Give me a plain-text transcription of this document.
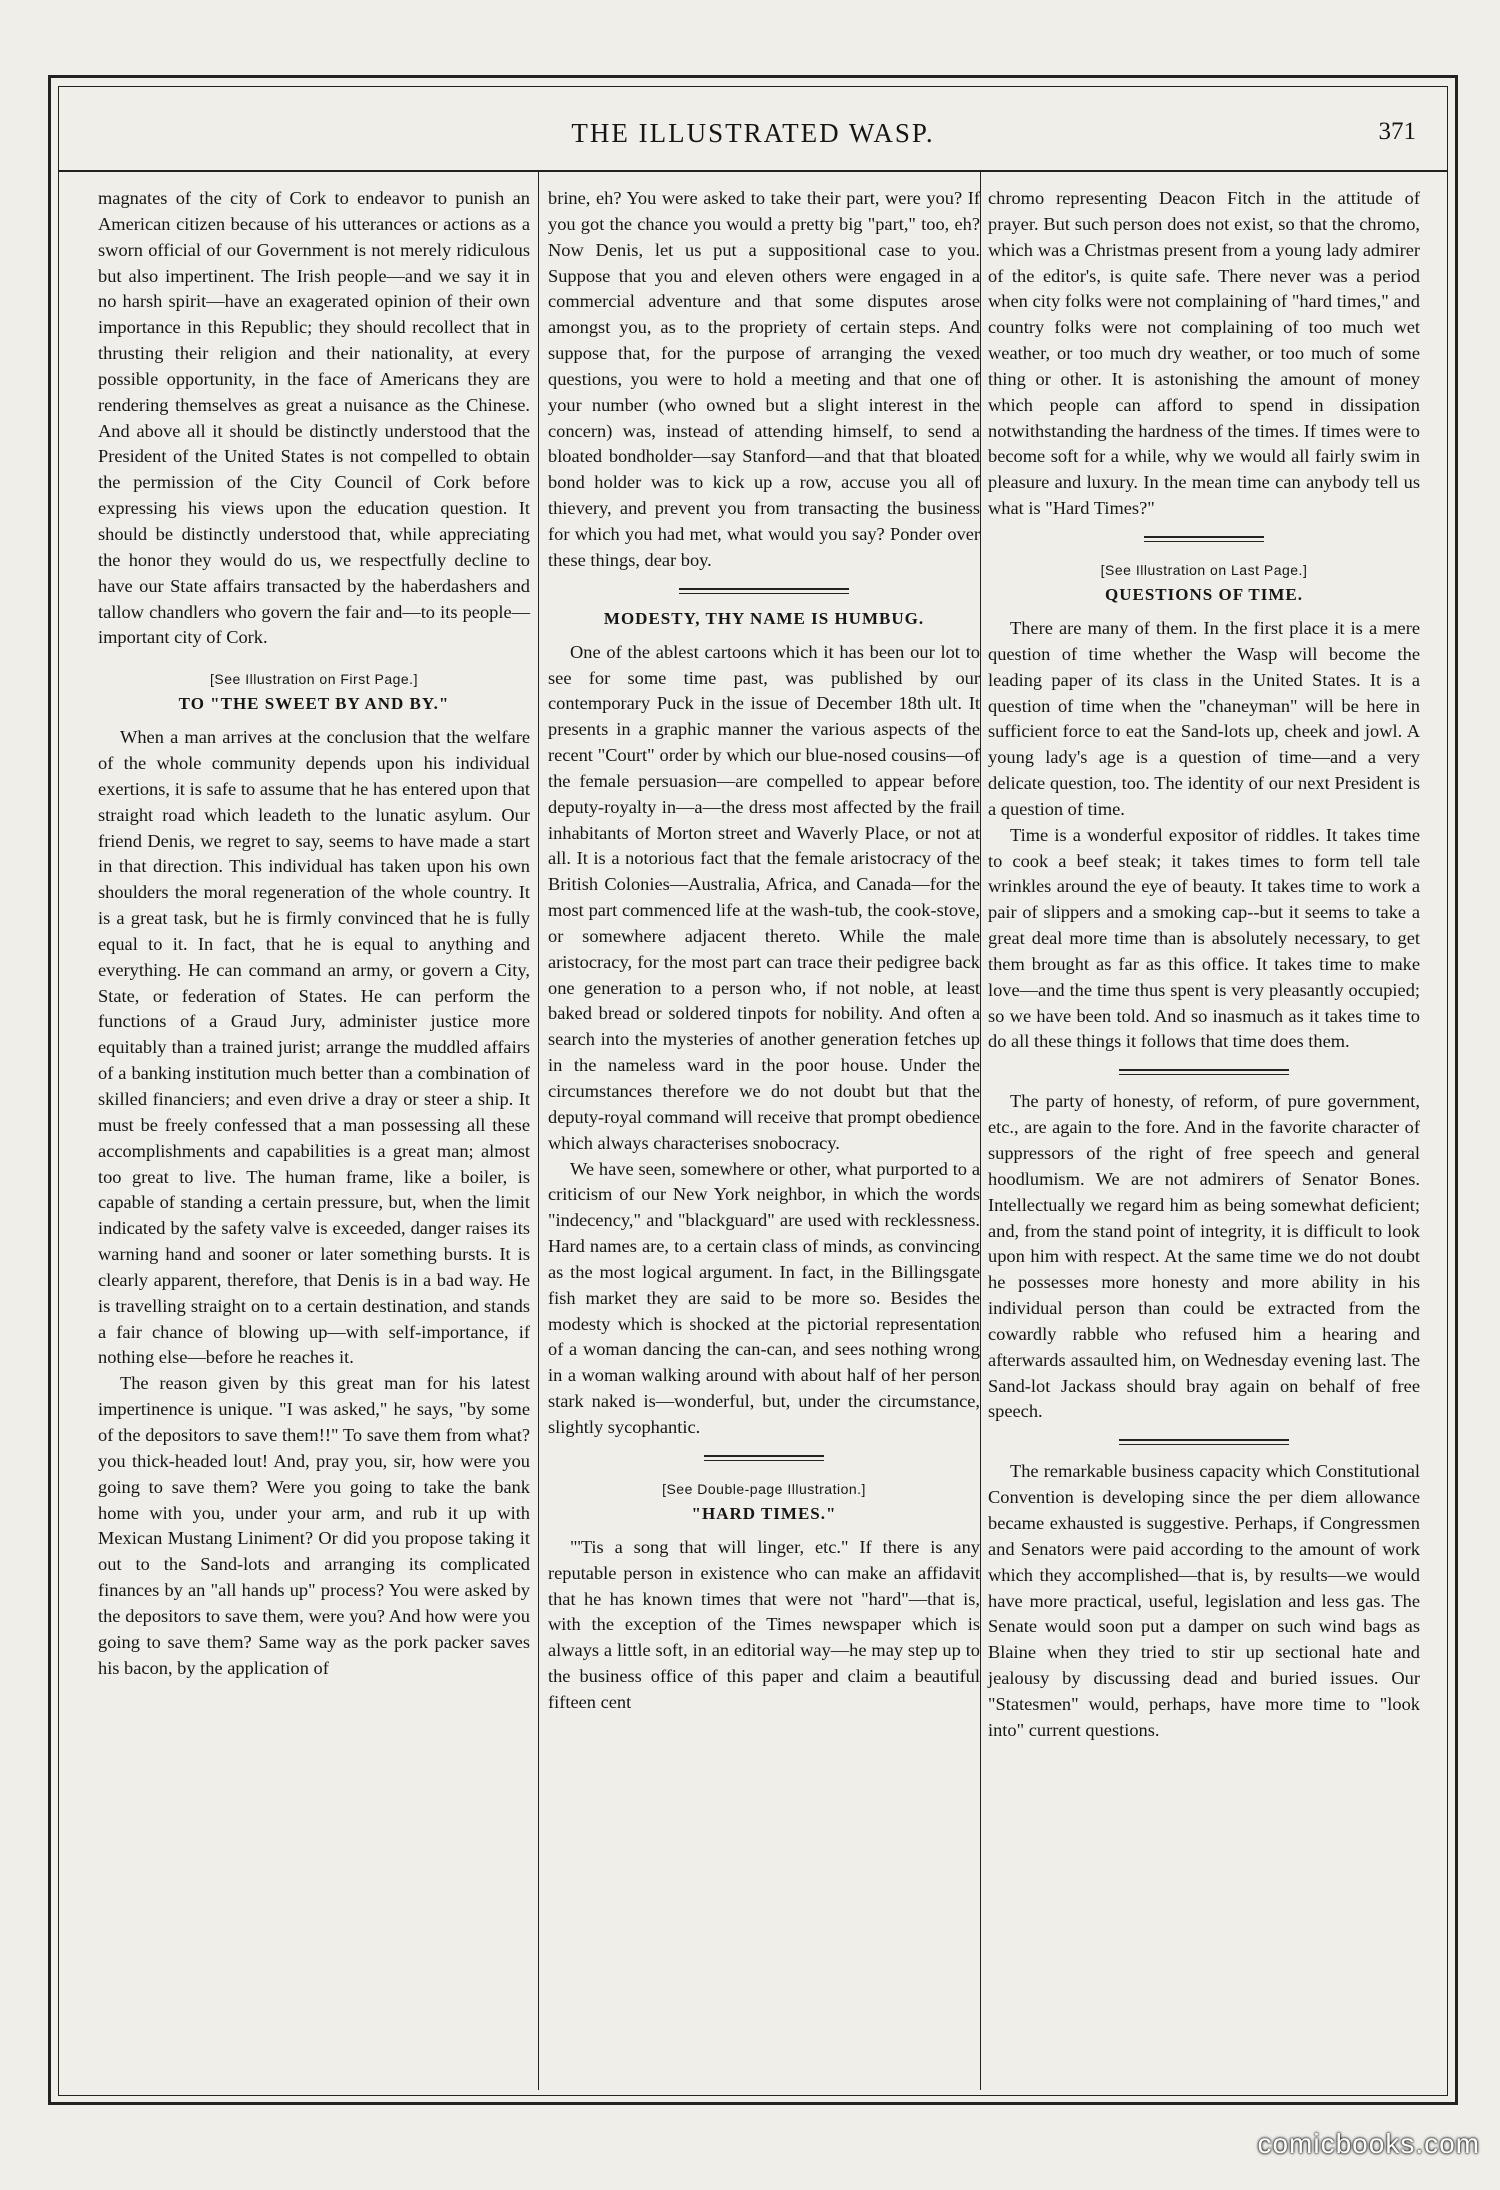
THE ILLUSTRATED WASP.	371

magnates of the city of Cork to endeavor to punish an American citizen because of his utterances or actions as a sworn official of our Government is not merely ridiculous but also impertinent. The Irish people—and we say it in no harsh spirit—have an exagerated opinion of their own importance in this Republic; they should recollect that in thrusting their religion and their nationality, at every possible opportunity, in the face of Americans they are rendering themselves as great a nuisance as the Chinese. And above all it should be distinctly understood that the President of the United States is not compelled to obtain the permission of the City Council of Cork before expressing his views upon the education question. It should be distinctly understood that, while appreciating the honor they would do us, we respectfully decline to have our State affairs transacted by the haberdashers and tallow chandlers who govern the fair and—to its people—important city of Cork.

[See Illustration on First Page.]
TO "THE SWEET BY AND BY."

When a man arrives at the conclusion that the welfare of the whole community depends upon his individual exertions, it is safe to assume that he has entered upon that straight road which leadeth to the lunatic asylum. Our friend Denis, we regret to say, seems to have made a start in that direction. This individual has taken upon his own shoulders the moral regeneration of the whole country. It is a great task, but he is firmly convinced that he is fully equal to it. In fact, that he is equal to anything and everything. He can command an army, or govern a City, State, or federation of States. He can perform the functions of a Graud Jury, administer justice more equitably than a trained jurist; arrange the muddled affairs of a banking institution much better than a combination of skilled financiers; and even drive a dray or steer a ship. It must be freely confessed that a man possessing all these accomplishments and capabilities is a great man; almost too great to live. The human frame, like a boiler, is capable of standing a certain pressure, but, when the limit indicated by the safety valve is exceeded, danger raises its warning hand and sooner or later something bursts. It is clearly apparent, therefore, that Denis is in a bad way. He is travelling straight on to a certain destination, and stands a fair chance of blowing up—with self-importance, if nothing else—before he reaches it.

The reason given by this great man for his latest impertinence is unique. "I was asked," he says, "by some of the depositors to save them!!" To save them from what? you thick-headed lout! And, pray you, sir, how were you going to save them? Were you going to take the bank home with you, under your arm, and rub it up with Mexican Mustang Liniment? Or did you propose taking it out to the Sand-lots and arranging its complicated finances by an "all hands up" process? You were asked by the depositors to save them, were you? And how were you going to save them? Same way as the pork packer saves his bacon, by the application of

brine, eh? You were asked to take their part, were you? If you got the chance you would a pretty big "part," too, eh? Now Denis, let us put a suppositional case to you. Suppose that you and eleven others were engaged in a commercial adventure and that some disputes arose amongst you, as to the propriety of certain steps. And suppose that, for the purpose of arranging the vexed questions, you were to hold a meeting and that one of your number (who owned but a slight interest in the concern) was, instead of attending himself, to send a bloated bondholder—say Stanford—and that that bloated bond holder was to kick up a row, accuse you all of thievery, and prevent you from transacting the business for which you had met, what would you say? Ponder over these things, dear boy.

MODESTY, THY NAME IS HUMBUG.

One of the ablest cartoons which it has been our lot to see for some time past, was published by our contemporary Puck in the issue of December 18th ult. It presents in a graphic manner the various aspects of the recent "Court" order by which our blue-nosed cousins—of the female persuasion—are compelled to appear before deputy-royalty in—a—the dress most affected by the frail inhabitants of Morton street and Waverly Place, or not at all. It is a notorious fact that the female aristocracy of the British Colonies—Australia, Africa, and Canada—for the most part commenced life at the wash-tub, the cook-stove, or somewhere adjacent thereto. While the male aristocracy, for the most part can trace their pedigree back one generation to a person who, if not noble, at least baked bread or soldered tinpots for nobility. And often a search into the mysteries of another generation fetches up in the nameless ward in the poor house. Under the circumstances therefore we do not doubt but that the deputy-royal command will receive that prompt obedience which always characterises snobocracy.

We have seen, somewhere or other, what purported to a criticism of our New York neighbor, in which the words "indecency," and "blackguard" are used with recklessness. Hard names are, to a certain class of minds, as convincing as the most logical argument. In fact, in the Billingsgate fish market they are said to be more so. Besides the modesty which is shocked at the pictorial representation of a woman dancing the can-can, and sees nothing wrong in a woman walking around with about half of her person stark naked is—wonderful, but, under the circumstance, slightly sycophantic.

[See Double-page Illustration.]
"HARD TIMES."

"'Tis a song that will linger, etc." If there is any reputable person in existence who can make an affidavit that he has known times that were not "hard"—that is, with the exception of the Times newspaper which is always a little soft, in an editorial way—he may step up to the business office of this paper and claim a beautiful fifteen cent

chromo representing Deacon Fitch in the attitude of prayer. But such person does not exist, so that the chromo, which was a Christmas present from a young lady admirer of the editor's, is quite safe. There never was a period when city folks were not complaining of "hard times," and country folks were not complaining of too much wet weather, or too much dry weather, or too much of some thing or other. It is astonishing the amount of money which people can afford to spend in dissipation notwithstanding the hardness of the times. If times were to become soft for a while, why we would all fairly swim in pleasure and luxury. In the mean time can anybody tell us what is "Hard Times?"

[See Illustration on Last Page.]
QUESTIONS OF TIME.

There are many of them. In the first place it is a mere question of time whether the Wasp will become the leading paper of its class in the United States. It is a question of time when the "chaneyman" will be here in sufficient force to eat the Sand-lots up, cheek and jowl. A young lady's age is a question of time—and a very delicate question, too. The identity of our next President is a question of time.

Time is a wonderful expositor of riddles. It takes time to cook a beef steak; it takes times to form tell tale wrinkles around the eye of beauty. It takes time to work a pair of slippers and a smoking cap--but it seems to take a great deal more time than is absolutely necessary, to get them brought as far as this office. It takes time to make love—and the time thus spent is very pleasantly occupied; so we have been told. And so inasmuch as it takes time to do all these things it follows that time does them.

The party of honesty, of reform, of pure government, etc., are again to the fore. And in the favorite character of suppressors of the right of free speech and general hoodlumism. We are not admirers of Senator Bones. Intellectually we regard him as being somewhat deficient; and, from the stand point of integrity, it is difficult to look upon him with respect. At the same time we do not doubt he possesses more honesty and more ability in his individual person than could be extracted from the cowardly rabble who refused him a hearing and afterwards assaulted him, on Wednesday evening last. The Sand-lot Jackass should bray again on behalf of free speech.

The remarkable business capacity which Constitutional Convention is developing since the per diem allowance became exhausted is suggestive. Perhaps, if Congressmen and Senators were paid according to the amount of work which they accomplished—that is, by results—we would have more practical, useful, legislation and less gas. The Senate would soon put a damper on such wind bags as Blaine when they tried to stir up sectional hate and jealousy by discussing dead and buried issues. Our "Statesmen" would, perhaps, have more time to "look into" current questions.

comicbooks.com
